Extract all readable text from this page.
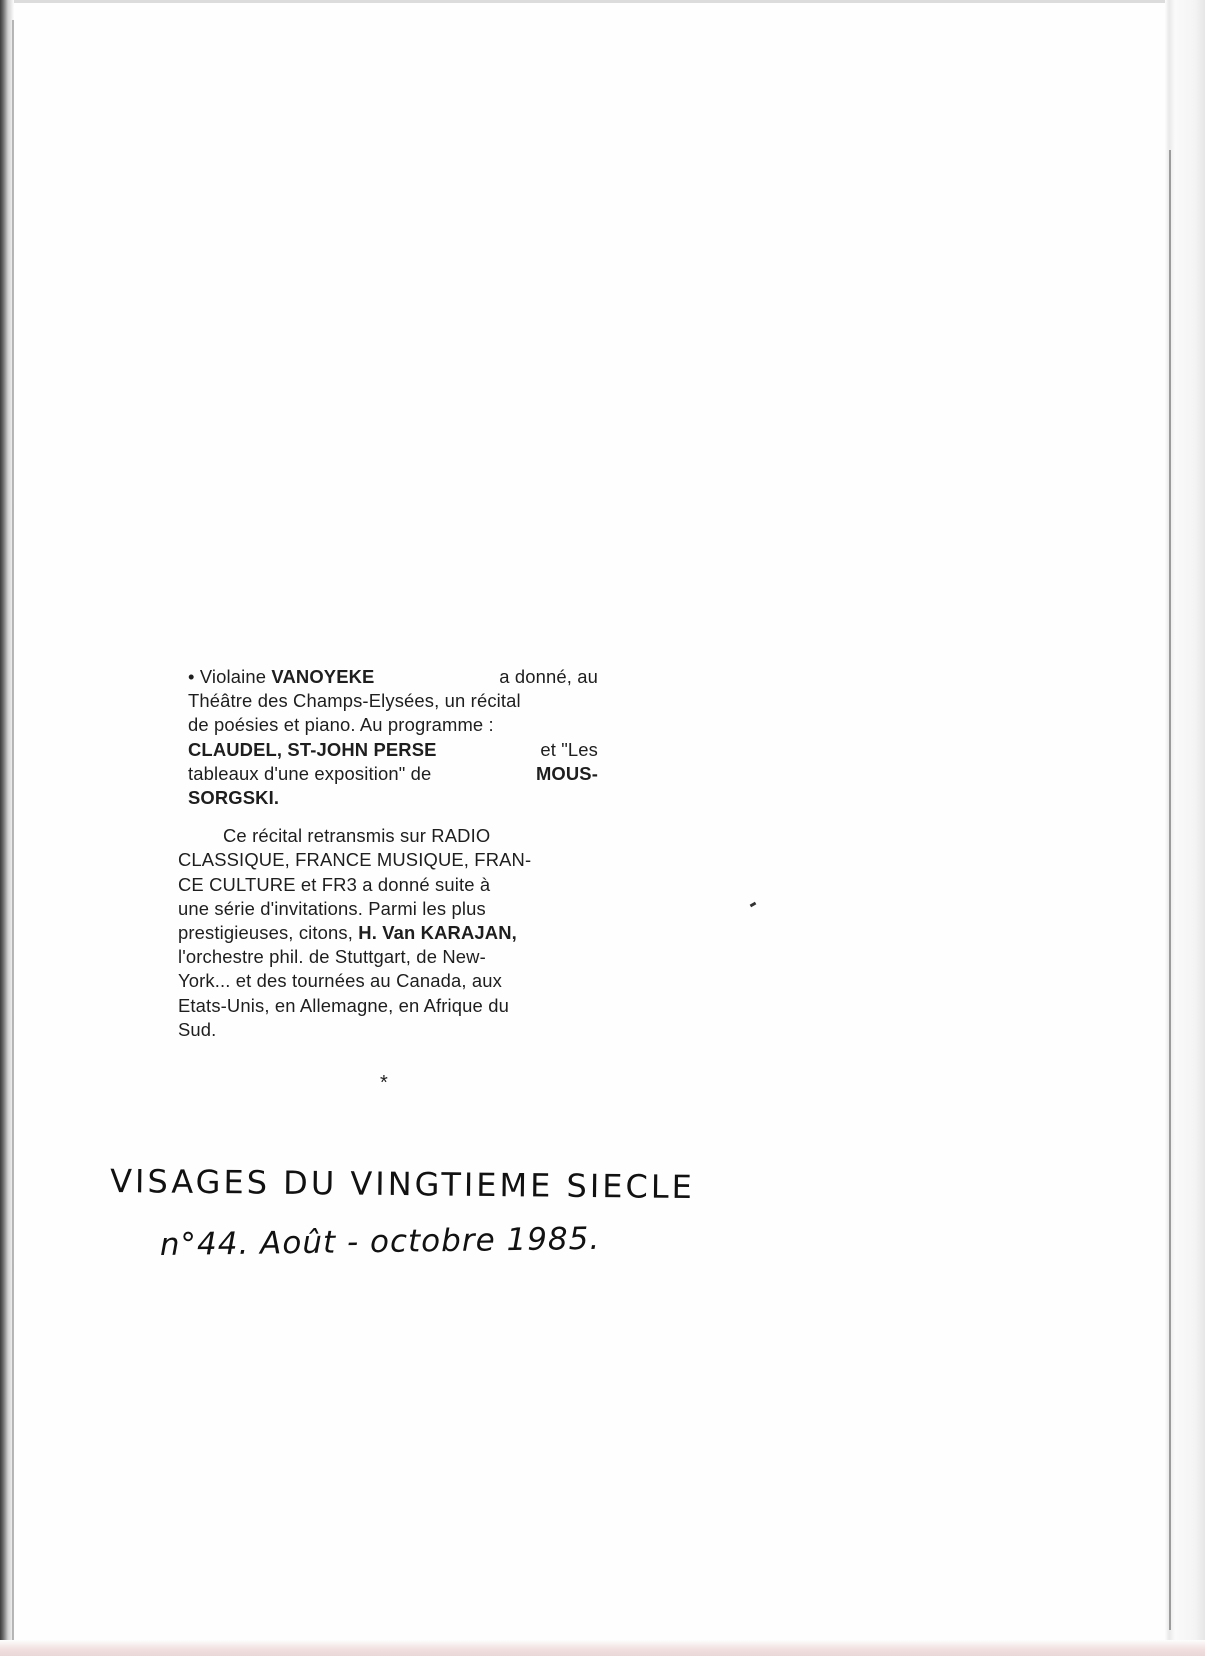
• Violaine VANOYEKE	a donné, au
Théâtre des Champs-Elysées, un récital
de poésies et piano. Au programme :
CLAUDEL, ST-JOHN PERSE	et "Les
tableaux d'une exposition" de	MOUS-
SORGSKI.
Ce récital retransmis sur RADIO
CLASSIQUE, FRANCE MUSIQUE, FRAN-
CE CULTURE et FR3 a donné suite à
une série d'invitations. Parmi les plus
prestigieuses, citons, H. Van KARAJAN,
l'orchestre phil. de Stuttgart, de New-
York... et des tournées au Canada, aux
Etats-Unis, en Allemagne, en Afrique du
Sud.
*
VISAGES DU VINGTIEME SIECLE
n°44. Août - octobre 1985.
